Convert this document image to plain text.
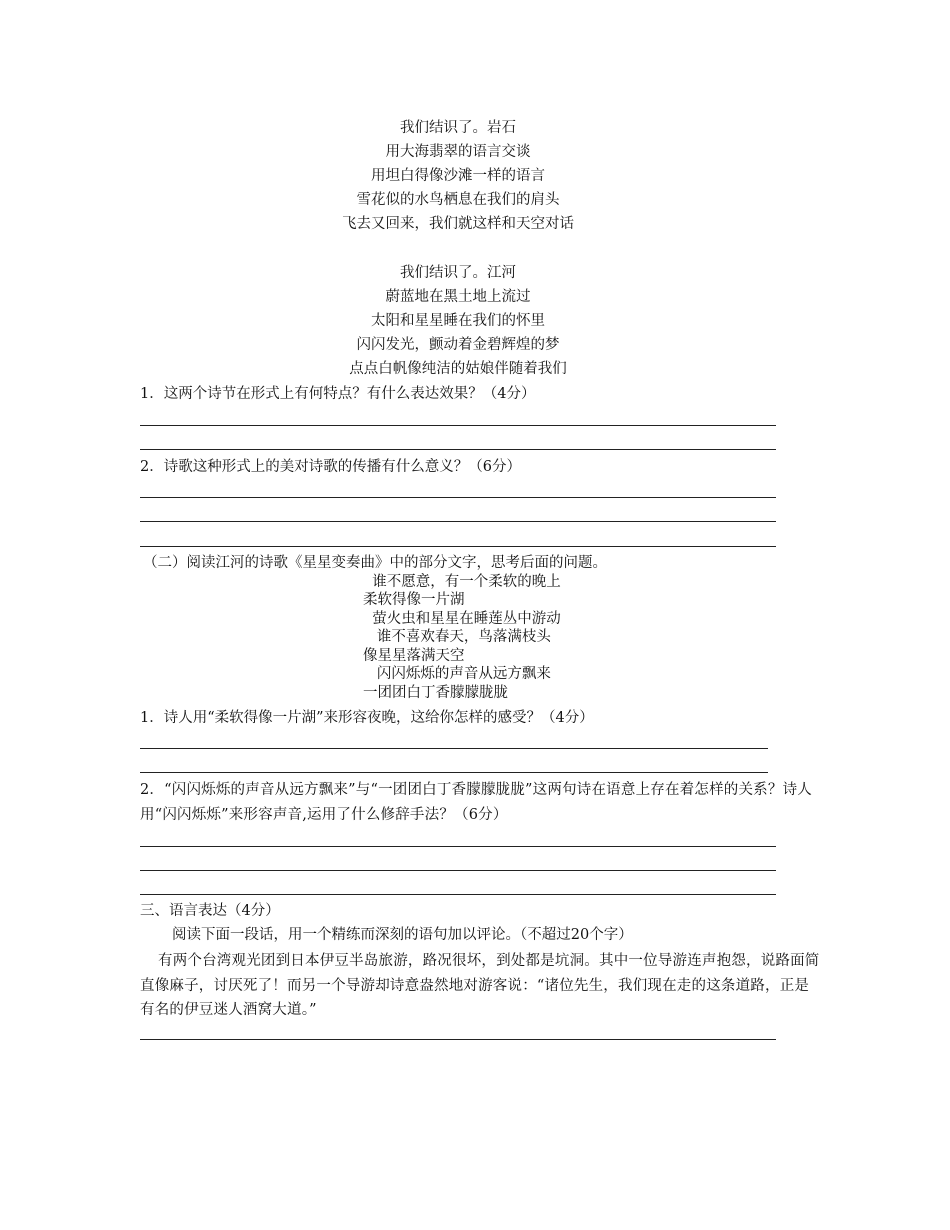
我们结识了。岩石
用大海翡翠的语言交谈
用坦白得像沙滩一样的语言
雪花似的水鸟栖息在我们的肩头
飞去又回来，我们就这样和天空对话
我们结识了。江河
蔚蓝地在黑土地上流过
太阳和星星睡在我们的怀里
闪闪发光，颤动着金碧辉煌的梦
点点白帆像纯洁的姑娘伴随着我们
1．这两个诗节在形式上有何特点？有什么表达效果？（4分）
2．诗歌这种形式上的美对诗歌的传播有什么意义？（6分）
（二）阅读江河的诗歌《星星变奏曲》中的部分文字，思考后面的问题。
谁不愿意，有一个柔软的晚上
柔软得像一片湖
萤火虫和星星在睡莲丛中游动
谁不喜欢春天，鸟落满枝头
像星星落满天空
闪闪烁烁的声音从远方飘来
一团团白丁香朦朦胧胧
1．诗人用“柔软得像一片湖”来形容夜晚，这给你怎样的感受？（4分）
2．“闪闪烁烁的声音从远方飘来”与“一团团白丁香朦朦胧胧”这两句诗在语意上存在着怎样的关系？诗人用“闪闪烁烁”来形容声音,运用了什么修辞手法？（6分）
三、语言表达（4分）
阅读下面一段话，用一个精练而深刻的语句加以评论。（不超过20个字）
有两个台湾观光团到日本伊豆半岛旅游，路况很坏，到处都是坑洞。其中一位导游连声抱怨，说路面简直像麻子，讨厌死了！而另一个导游却诗意盎然地对游客说：“诸位先生，我们现在走的这条道路，正是有名的伊豆迷人酒窝大道。”
